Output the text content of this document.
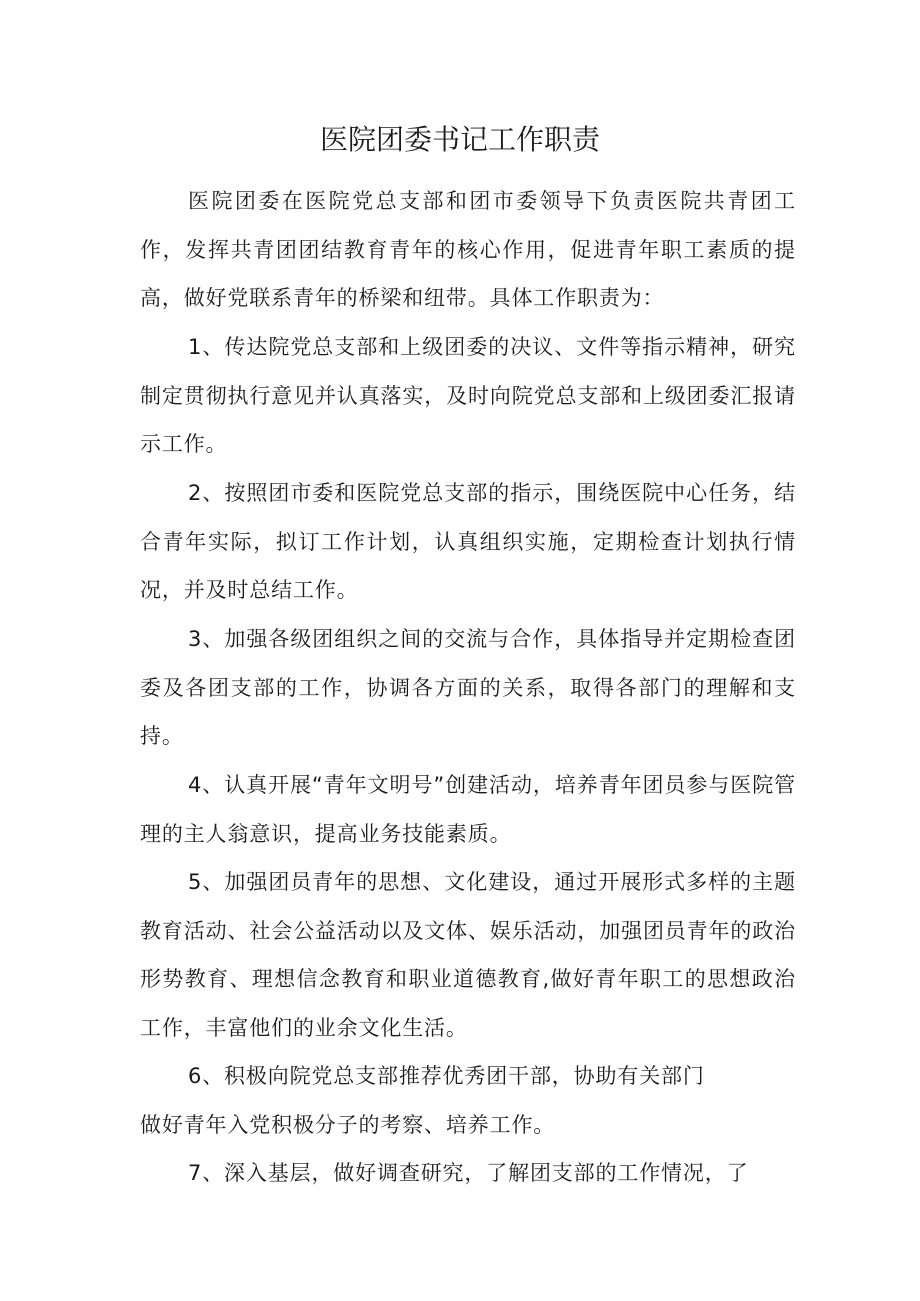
医院团委书记工作职责

医院团委在医院党总支部和团市委领导下负责医院共青团工作，发挥共青团团结教育青年的核心作用，促进青年职工素质的提高，做好党联系青年的桥梁和纽带。具体工作职责为：

1、传达院党总支部和上级团委的决议、文件等指示精神，研究制定贯彻执行意见并认真落实，及时向院党总支部和上级团委汇报请示工作。

2、按照团市委和医院党总支部的指示，围绕医院中心任务，结合青年实际，拟订工作计划，认真组织实施，定期检查计划执行情况，并及时总结工作。

3、加强各级团组织之间的交流与合作，具体指导并定期检查团委及各团支部的工作，协调各方面的关系，取得各部门的理解和支持。

4、认真开展“青年文明号”创建活动，培养青年团员参与医院管理的主人翁意识，提高业务技能素质。

5、加强团员青年的思想、文化建设，通过开展形式多样的主题教育活动、社会公益活动以及文体、娱乐活动，加强团员青年的政治形势教育、理想信念教育和职业道德教育,做好青年职工的思想政治工作，丰富他们的业余文化生活。

6、积极向院党总支部推荐优秀团干部，协助有关部门

做好青年入党积极分子的考察、培养工作。

7、深入基层，做好调查研究，了解团支部的工作情况，了
